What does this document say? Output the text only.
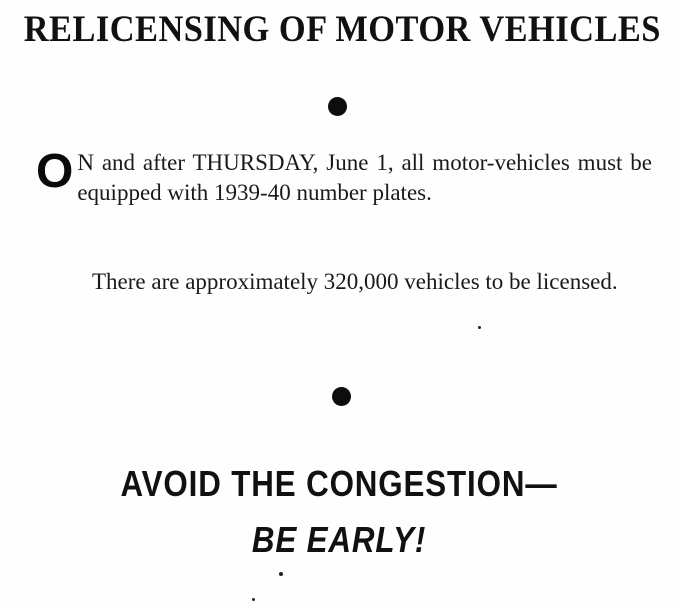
RELICENSING OF MOTOR VEHICLES
O N and after THURSDAY, June 1, all motor-vehicles must be equipped with 1939-40 number plates.
There are approximately 320,000 vehicles to be licensed.
AVOID THE CONGESTION—
BE EARLY!
